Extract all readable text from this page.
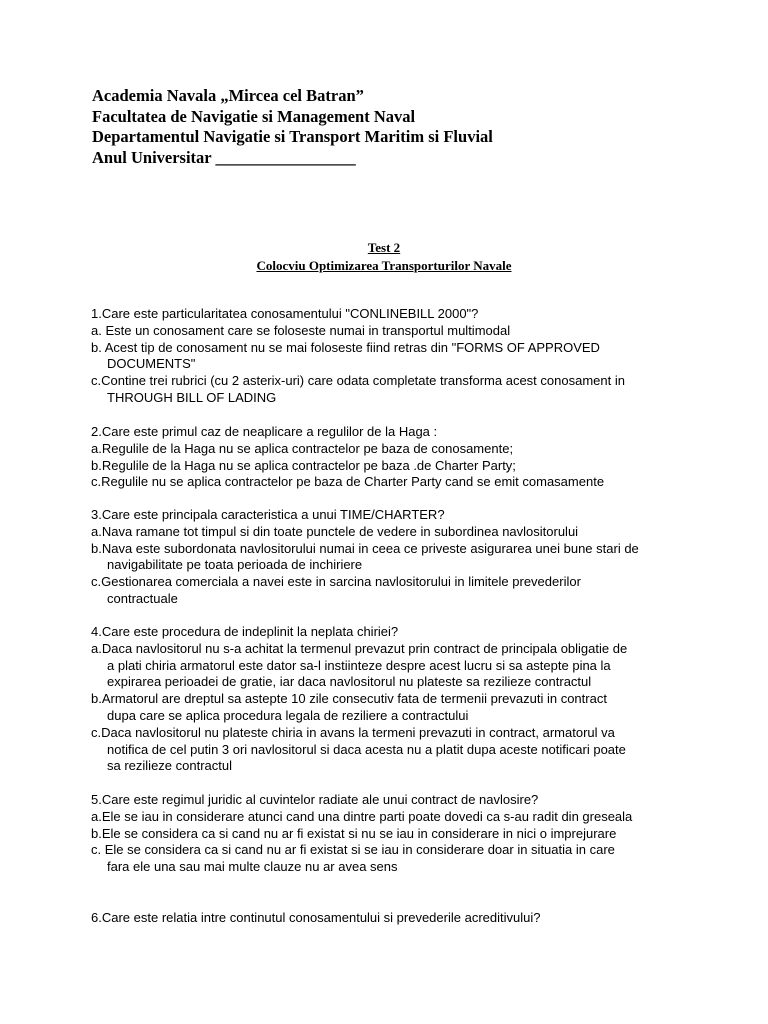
Academia Navala „Mircea cel Batran”
Facultatea de Navigatie si Management Naval
Departamentul Navigatie si Transport Maritim si Fluvial
Anul Universitar _________________
Test 2
Colocviu Optimizarea Transporturilor Navale
1.Care este particularitatea conosamentului "CONLINEBILL 2000"?
a. Este un conosament care se foloseste numai in transportul multimodal
b. Acest tip de conosament nu se mai foloseste fiind retras din "FORMS OF APPROVED
DOCUMENTS"
c.Contine trei rubrici (cu 2 asterix-uri) care odata completate transforma acest conosament in
THROUGH BILL OF LADING
2.Care este primul caz de neaplicare a regulilor de la Haga :
a.Regulile de la Haga nu se aplica contractelor pe baza de conosamente;
b.Regulile de la Haga nu se aplica contractelor pe baza .de Charter Party;
c.Regulile nu se aplica contractelor pe baza de Charter Party cand se emit comasamente
3.Care este principala caracteristica a unui TIME/CHARTER?
a.Nava ramane tot timpul si din toate punctele de vedere in subordinea navlositorului
b.Nava este subordonata navlositorului numai in ceea ce priveste asigurarea unei bune stari de
navigabilitate pe toata perioada de inchiriere
c.Gestionarea comerciala a navei este in sarcina navlositorului in limitele prevederilor
contractuale
4.Care este procedura de indeplinit la neplata chiriei?
a.Daca navlositorul nu s-a achitat la termenul prevazut prin contract de principala obligatie de
a plati chiria armatorul este dator sa-l instiinteze despre acest lucru si sa astepte pina la
expirarea perioadei de gratie, iar daca navlositorul nu plateste sa rezilieze contractul
b.Armatorul are dreptul sa astepte 10 zile consecutiv fata de termenii prevazuti in contract
dupa care se aplica procedura legala de reziliere a contractului
c.Daca navlositorul nu plateste chiria in avans la termeni prevazuti in contract, armatorul va
notifica de cel putin 3 ori navlositorul si daca acesta nu a platit dupa aceste notificari poate
sa rezilieze contractul
5.Care este regimul juridic al cuvintelor radiate ale unui contract de navlosire?
a.Ele se iau in considerare atunci cand una dintre parti poate dovedi ca s-au radit din greseala
b.Ele se considera ca si cand nu ar fi existat si nu se iau in considerare in nici o imprejurare
c. Ele se considera ca si cand nu ar fi existat si se iau in considerare doar in situatia in care
fara ele una sau mai multe clauze nu ar avea sens
6.Care este relatia intre continutul conosamentului si prevederile acreditivului?
